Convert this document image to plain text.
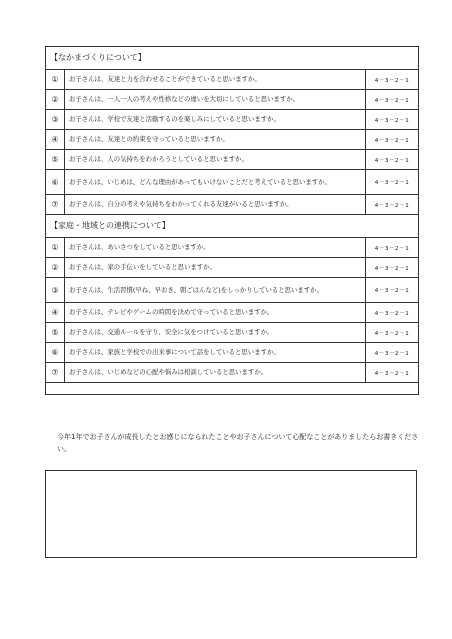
【なかまづくりについて】
①	お子さんは、友達と力を合わせることができていると思いますか。	4－3－2－1
②	お子さんは、一人一人の考えや性格などの違いを大切にしていると思いますか。	4－3－2－1
③	お子さんは、学校で友達と活動するのを楽しみにしていると思いますか。	4－3－2－1
④	お子さんは、友達との約束を守っていると思いますか。	4－3－2－1
⑤	お子さんは、人の気持ちをわかろうとしていると思いますか。	4－3－2－1
⑥	お子さんは、いじめは、どんな理由があってもいけないことだと考えていると思いますか。	4－3－2－1
⑦	お子さんは、自分の考えや気持ちをわかってくれる友達がいると思いますか。	4－3－2－1
【家庭・地域との連携について】
①	お子さんは、あいさつをしていると思いますか。	4－3－2－1
②	お子さんは、家の手伝いをしていると思いますか。	4－3－2－1
③	お子さんは、生活習慣(早ね、早おき、朝ごはんなど)をしっかりしていると思いますか。	4－3－2－1
④	お子さんは、テレビやゲームの時間を決めて守っていると思いますか。	4－3－2－1
⑤	お子さんは、交通ルールを守り、安全に気をつけていると思いますか。	4－3－2－1
⑥	お子さんは、家族と学校での出来事について話をしていると思いますか。	4－3－2－1
⑦	お子さんは、いじめなどの心配や悩みは相談していると思いますか。	4－3－2－1
今年1年でお子さんが成長したとお感じになられたことやお子さんについて心配なことがありましたらお書きください。
